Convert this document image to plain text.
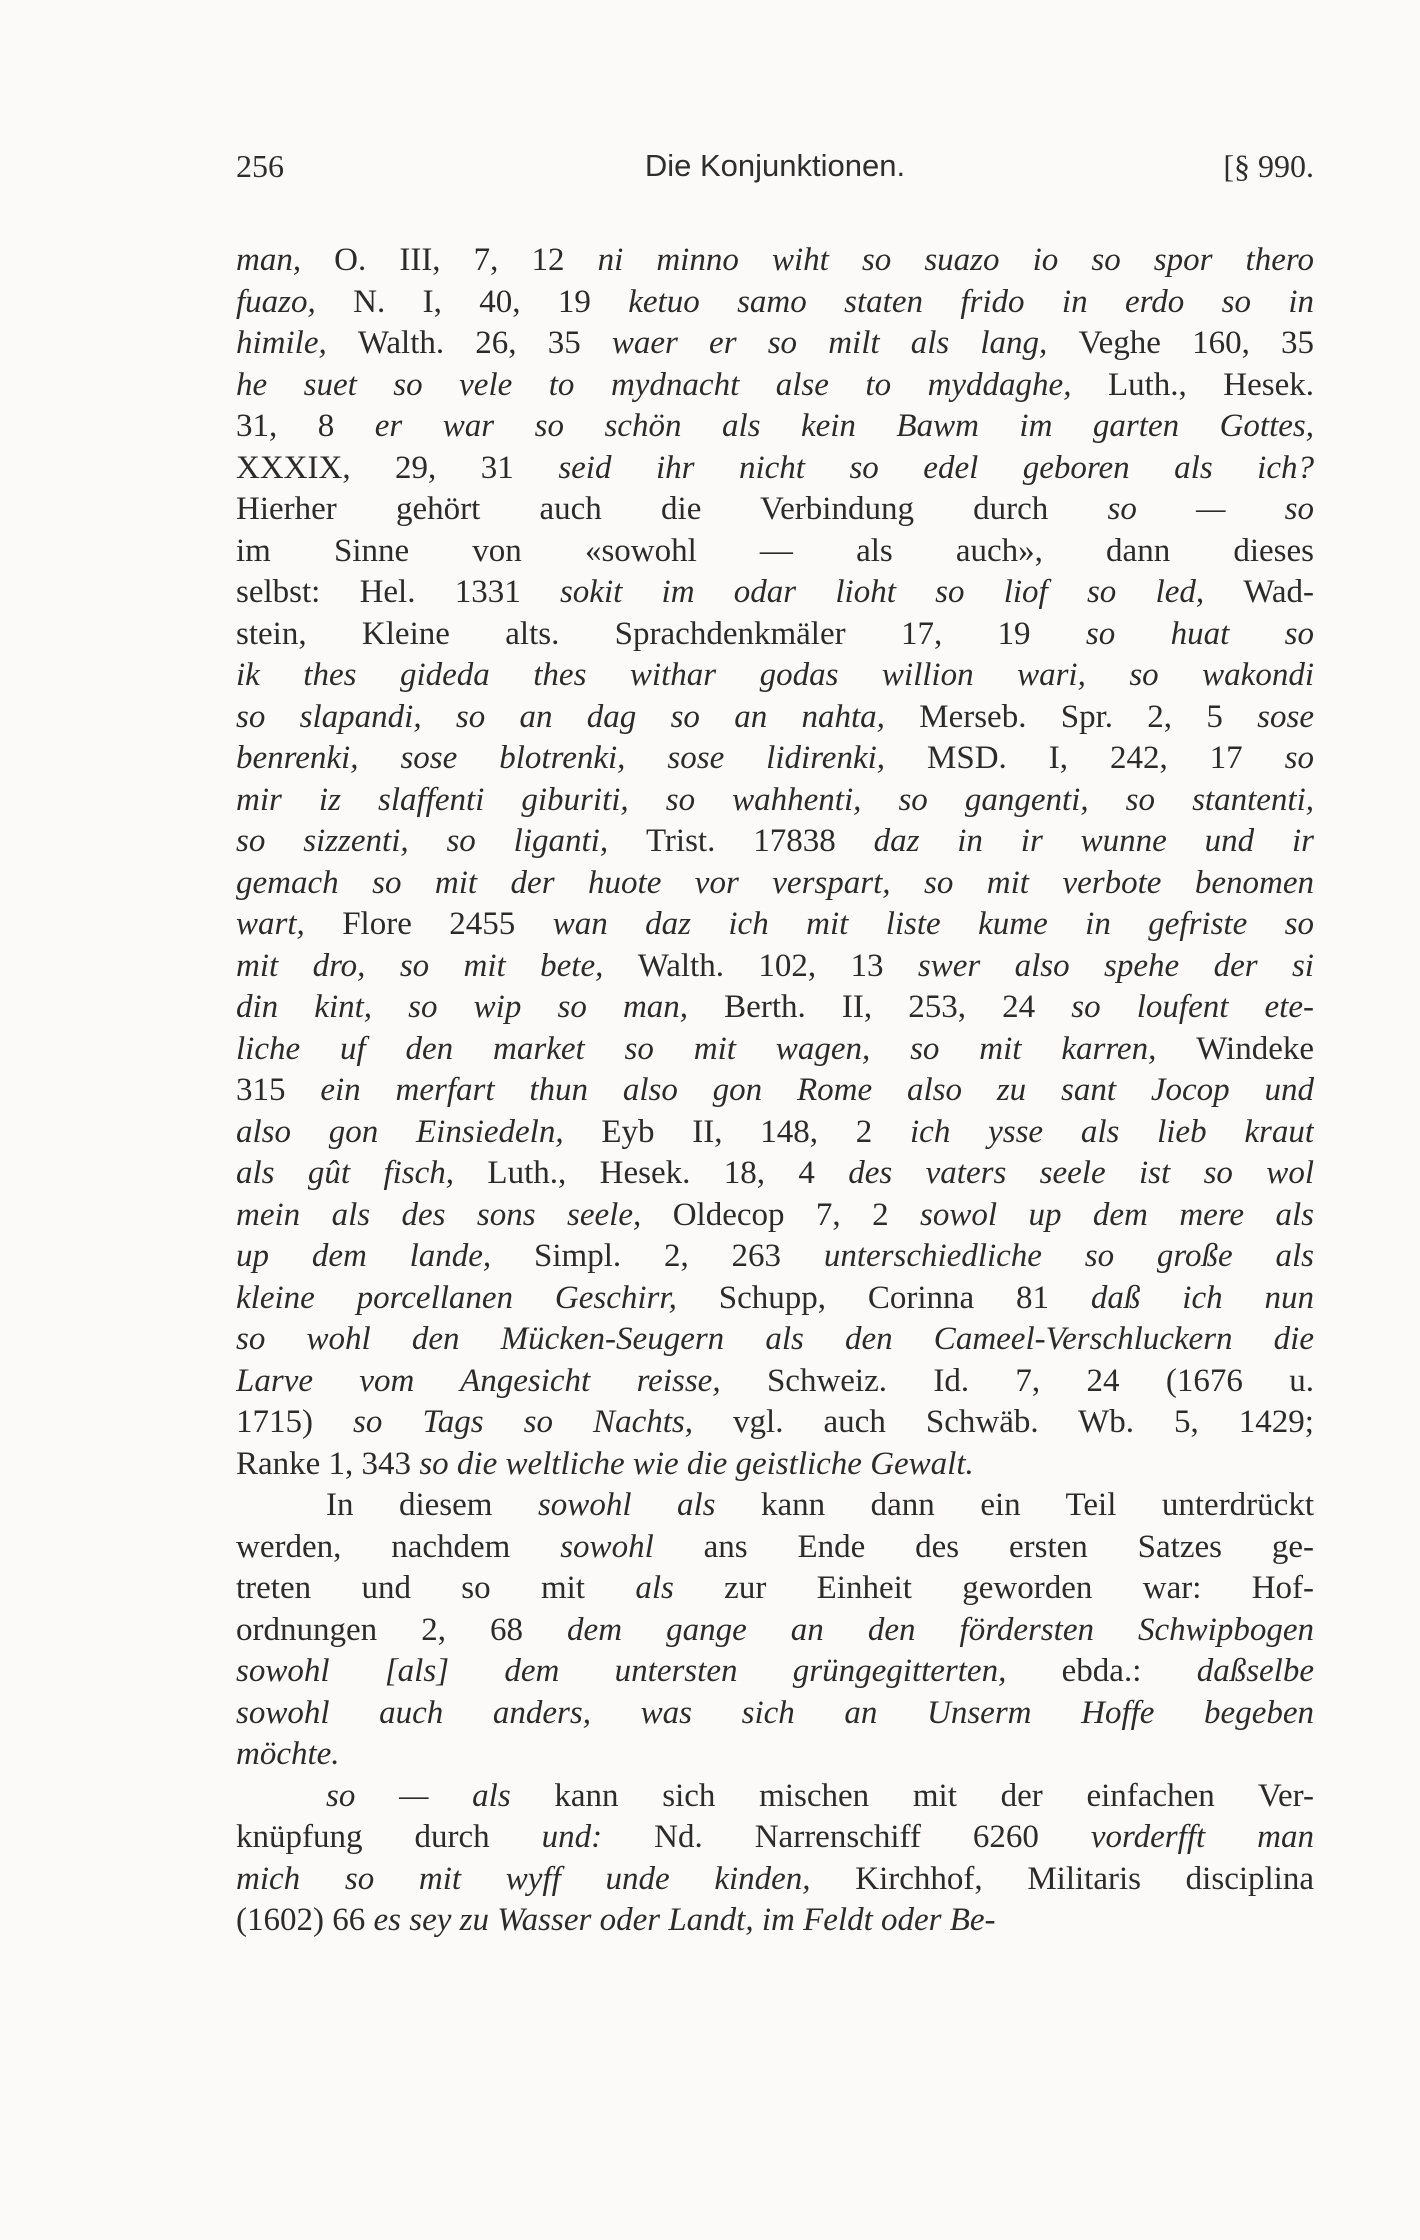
256	Die Konjunktionen.	[§ 990.
man, O. III, 7, 12 ni minno wiht so suazo io so spor thero
fuazo, N. I, 40, 19 ketuo samo staten frido in erdo so in
himile, Walth. 26, 35 waer er so milt als lang, Veghe 160, 35
he suet so vele to mydnacht alse to myddaghe, Luth., Hesek.
31, 8 er war so schön als kein Bawm im garten Gottes,
XXXIX, 29, 31 seid ihr nicht so edel geboren als ich?
Hierher gehört auch die Verbindung durch so — so
im Sinne von «sowohl — als auch», dann dieses
selbst: Hel. 1331 sokit im odar lioht so liof so led, Wad-
stein, Kleine alts. Sprachdenkmäler 17, 19 so huat so
ik thes gideda thes withar godas willion wari, so wakondi
so slapandi, so an dag so an nahta, Merseb. Spr. 2, 5 sose
benrenki, sose blotrenki, sose lidirenki, MSD. I, 242, 17 so
mir iz slaffenti giburiti, so wahhenti, so gangenti, so stantenti,
so sizzenti, so liganti, Trist. 17838 daz in ir wunne und ir
gemach so mit der huote vor verspart, so mit verbote benomen
wart, Flore 2455 wan daz ich mit liste kume in gefriste so
mit dro, so mit bete, Walth. 102, 13 swer also spehe der si
din kint, so wip so man, Berth. II, 253, 24 so loufent ete-
liche uf den market so mit wagen, so mit karren, Windeke
315 ein merfart thun also gon Rome also zu sant Jocop und
also gon Einsiedeln, Eyb II, 148, 2 ich ysse als lieb kraut
als gût fisch, Luth., Hesek. 18, 4 des vaters seele ist so wol
mein als des sons seele, Oldecop 7, 2 sowol up dem mere als
up dem lande, Simpl. 2, 263 unterschiedliche so große als
kleine porcellanen Geschirr, Schupp, Corinna 81 daß ich nun
so wohl den Mücken-Seugern als den Cameel-Verschluckern die
Larve vom Angesicht reisse, Schweiz. Id. 7, 24 (1676 u.
1715) so Tags so Nachts, vgl. auch Schwäb. Wb. 5, 1429;
Ranke 1, 343 so die weltliche wie die geistliche Gewalt.
In diesem sowohl als kann dann ein Teil unterdrückt
werden, nachdem sowohl ans Ende des ersten Satzes ge-
treten und so mit als zur Einheit geworden war: Hof-
ordnungen 2, 68 dem gange an den fördersten Schwipbogen
sowohl [als] dem untersten grüngegitterten, ebda.: daßselbe
sowohl auch anders, was sich an Unserm Hoffe begeben
möchte.
so — als kann sich mischen mit der einfachen Ver-
knüpfung durch und: Nd. Narrenschiff 6260 vorderfft man
mich so mit wyff unde kinden, Kirchhof, Militaris disciplina
(1602) 66 es sey zu Wasser oder Landt, im Feldt oder Be-
